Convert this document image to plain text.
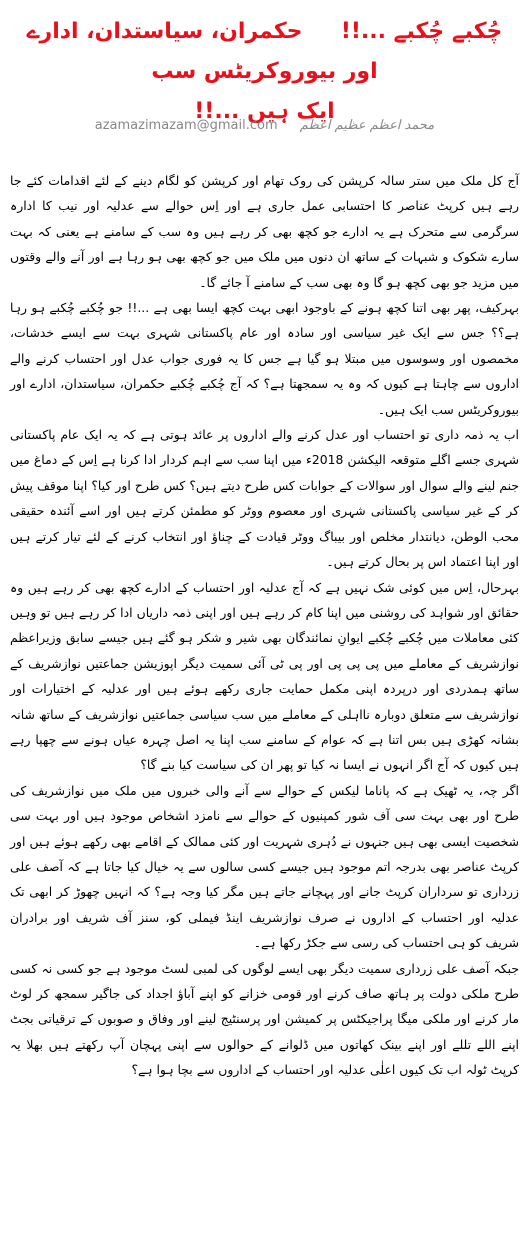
چُکبے چُکبے ...!!     حکمران، سیاستدان، ادارے اور بیوروکریٹس سب
ایک ہیں ...!!
azamazimazam@gmail.com محمد اعظم عظیم اعظم

آج کل ملک میں ستر سالہ کرپشن کی روک تھام اور کرپشن کو لگام دینے کے لئے اقدامات کئے جا رہے ہیں کرپٹ عناصر کا احتسابی عمل جاری ہے اور اِس حوالے سے عدلیہ اور نیب کا ادارہ سرگرمی سے متحرک ہے یہ ادارے جو کچھ بھی کر رہے ہیں وہ سب کے سامنے ہے یعنی کہ بہت سارے شکوک و شبہات کے ساتھ ان دنوں میں ملک میں جو کچھ بھی ہو رہا ہے اور آنے والے وقتوں میں مزید جو بھی کچھ ہو گا وہ بھی سب کے سامنے آ جائے گا۔

بہرکیف، پھر بھی اتنا کچھ ہونے کے باوجود ابھی بہت کچھ ایسا بھی ہے ...!! جو چُکبے چُکبے ہو رہا ہے؟؟ جس سے ایک غیر سیاسی اور سادہ اور عام پاکستانی شہری بہت سے ایسے خدشات، مخمصوں اور وسوسوں میں مبتلا ہو گیا ہے جس کا یہ فوری جواب عدل اور احتساب کرنے والے اداروں سے چاہتا ہے کیوں کہ وہ یہ سمجھتا ہے؟ کہ آج چُکبے چُکبے حکمران، سیاستدان، ادارے اور بیوروکریٹس سب ایک ہیں۔

اب یہ ذمہ داری تو احتساب اور عدل کرنے والے اداروں پر عائد ہوتی ہے کہ یہ ایک عام پاکستانی شہری جسے اگلے متوقعہ الیکشن 2018ء میں اپنا سب سے اہم کردار ادا کرنا ہے اِس کے دماغ میں جنم لینے والے سوال اور سوالات کے جوابات کس طرح دیتے ہیں؟ کس طرح اور کیا؟ اپنا موقف پیش کر کے غیر سیاسی پاکستانی شہری اور معصوم ووٹر کو مطمئن کرتے ہیں اور اسے آئندہ حقیقی محب الوطن، دیانتدار مخلص اور بیباگ ووٹر قیادت کے چناؤ اور انتخاب کرنے کے لئے تیار کرتے ہیں اور اپنا اعتماد اس پر بحال کرتے ہیں۔

بہرحال، اِس میں کوئی شک نہیں ہے کہ آج عدلیہ اور احتساب کے ادارے کچھ بھی کر رہے ہیں وہ حقائق اور شواہد کی روشنی میں اپنا کام کر رہے ہیں اور اپنی ذمہ داریاں ادا کر رہے ہیں تو وہیں کئی معاملات میں چُکبے چُکبے ایوانِ نمائندگان بھی شیر و شکر ہو گئے ہیں جیسے سابق وزیراعظم نوازشریف کے معاملے میں پی پی پی اور پی ٹی آئی سمیت دیگر اپوزیشن جماعتیں نوازشریف کے ساتھ ہمدردی اور درپردہ اپنی مکمل حمایت جاری رکھے ہوئے ہیں اور عدلیہ کے اختیارات اور نوازشریف سے متعلق دوبارہ نااہلی کے معاملے میں سب سیاسی جماعتیں نوازشریف کے ساتھ شانہ بشانہ کھڑی ہیں بس اتنا ہے کہ عوام کے سامنے سب اپنا یہ اصل چہرہ عیاں ہونے سے چھپا رہے ہیں کیوں کہ آج اگر انہوں نے ایسا نہ کیا تو پھر ان کی سیاست کیا بنے گا؟

اگر چہ، یہ ٹھیک ہے کہ پاناما لیکس کے حوالے سے آنے والی خبروں میں ملک میں نوازشریف کی طرح اور بھی بہت سی آف شور کمپنیوں کے حوالے سے نامزد اشخاص موجود ہیں اور بہت سی شخصیت ایسی بھی ہیں جنہوں نے دُہری شہریت اور کئی ممالک کے اقامے بھی رکھے ہوئے ہیں اور کرپٹ عناصر بھی بدرجہ اتم موجود ہیں جیسے کسی سالوں سے یہ خیال کیا جاتا ہے کہ آصف علی زرداری تو سرداران کرپٹ جانے اور پہچانے جاتے ہیں مگر کیا وجہ ہے؟ کہ انہیں چھوڑ کر ابھی تک عدلیہ اور احتساب کے اداروں نے صرف نوازشریف اینڈ فیملی کو، سنز آف شریف اور برادران شریف کو ہی احتساب کی رسی سے جکڑ رکھا ہے۔

جبکہ آصف علی زرداری سمیت دیگر بھی ایسے لوگوں کی لمبی لسٹ موجود ہے جو کسی نہ کسی طرح ملکی دولت پر ہاتھ صاف کرنے اور قومی خزانے کو اپنے آباؤ اجداد کی جاگیر سمجھ کر لوٹ مار کرنے اور ملکی میگا پراجیکٹس پر کمیشن اور پرسنٹیج لینے اور وفاق و صوبوں کے ترقیاتی بجٹ اپنے اللے تللے اور اپنے بینک کھاتوں میں ڈلوانے کے حوالوں سے اپنی پہچان آپ رکھتے ہیں بھلا یہ کرپٹ ٹولہ اب تک کیوں اعلٰی عدلیہ اور احتساب کے اداروں سے بچا ہوا ہے؟
